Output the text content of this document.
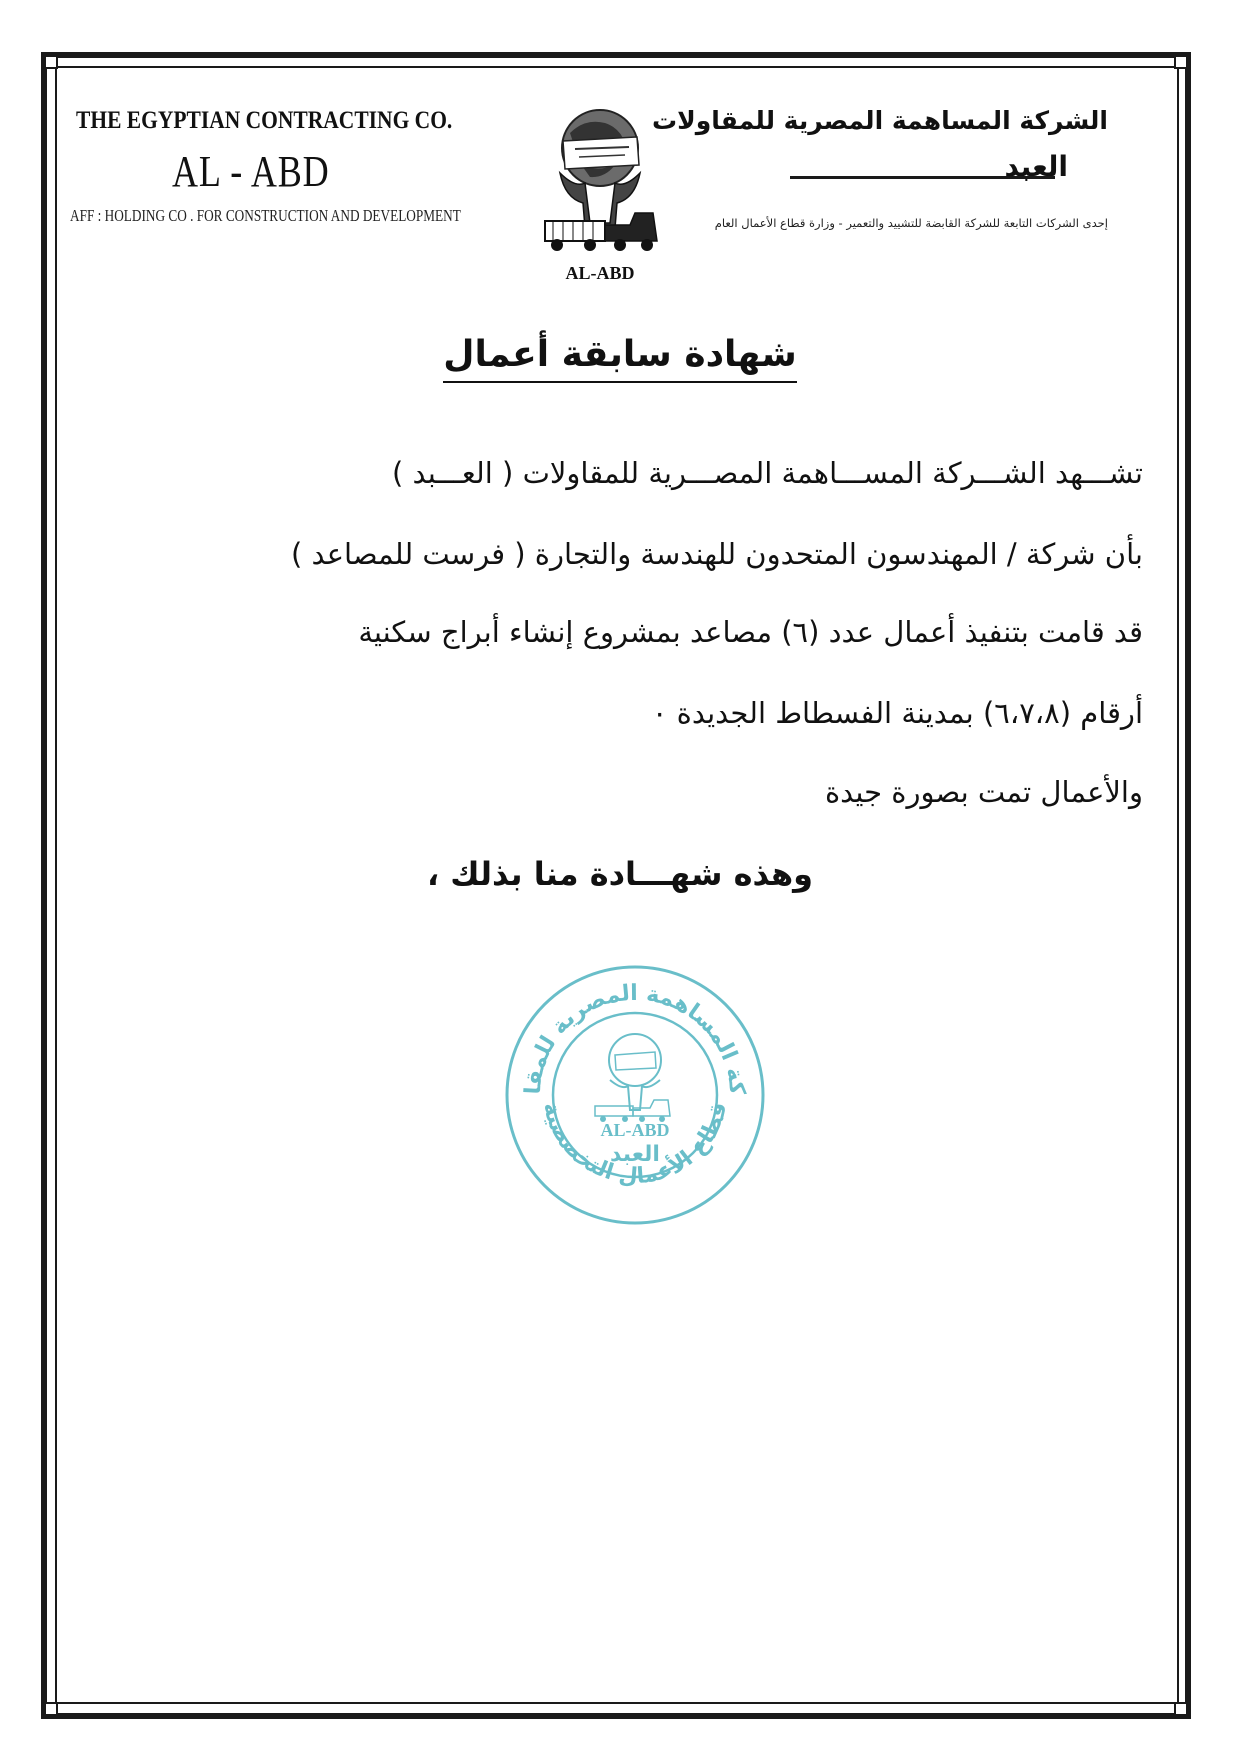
THE EGYPTIAN CONTRACTING CO.
AL - ABD
AFF : HOLDING CO . FOR CONSTRUCTION AND DEVELOPMENT
الشركة المساهمة المصرية للمقاولات
العبد
إحدى الشركات التابعة للشركة القابضة للتشييد والتعمير - وزارة قطاع الأعمال العام
AL-ABD
شهادة سابقة أعمال
تشـــهد الشـــركة المســـاهمة المصـــرية للمقاولات ( العـــبد )
بأن شركة / المهندسون المتحدون للهندسة والتجارة ( فرست للمصاعد )
قد قامت بتنفيذ أعمال عدد (٦) مصاعد بمشروع إنشاء أبراج سكنية
أرقام (٦،٧،٨) بمدينة الفسطاط الجديدة ٠
والأعمال تمت بصورة جيدة
وهذه شهـــادة منا بذلك ،
كة المساهمة المصرية للمقا
قطاع الأعمال التخصصية
AL-ABD
العبد
